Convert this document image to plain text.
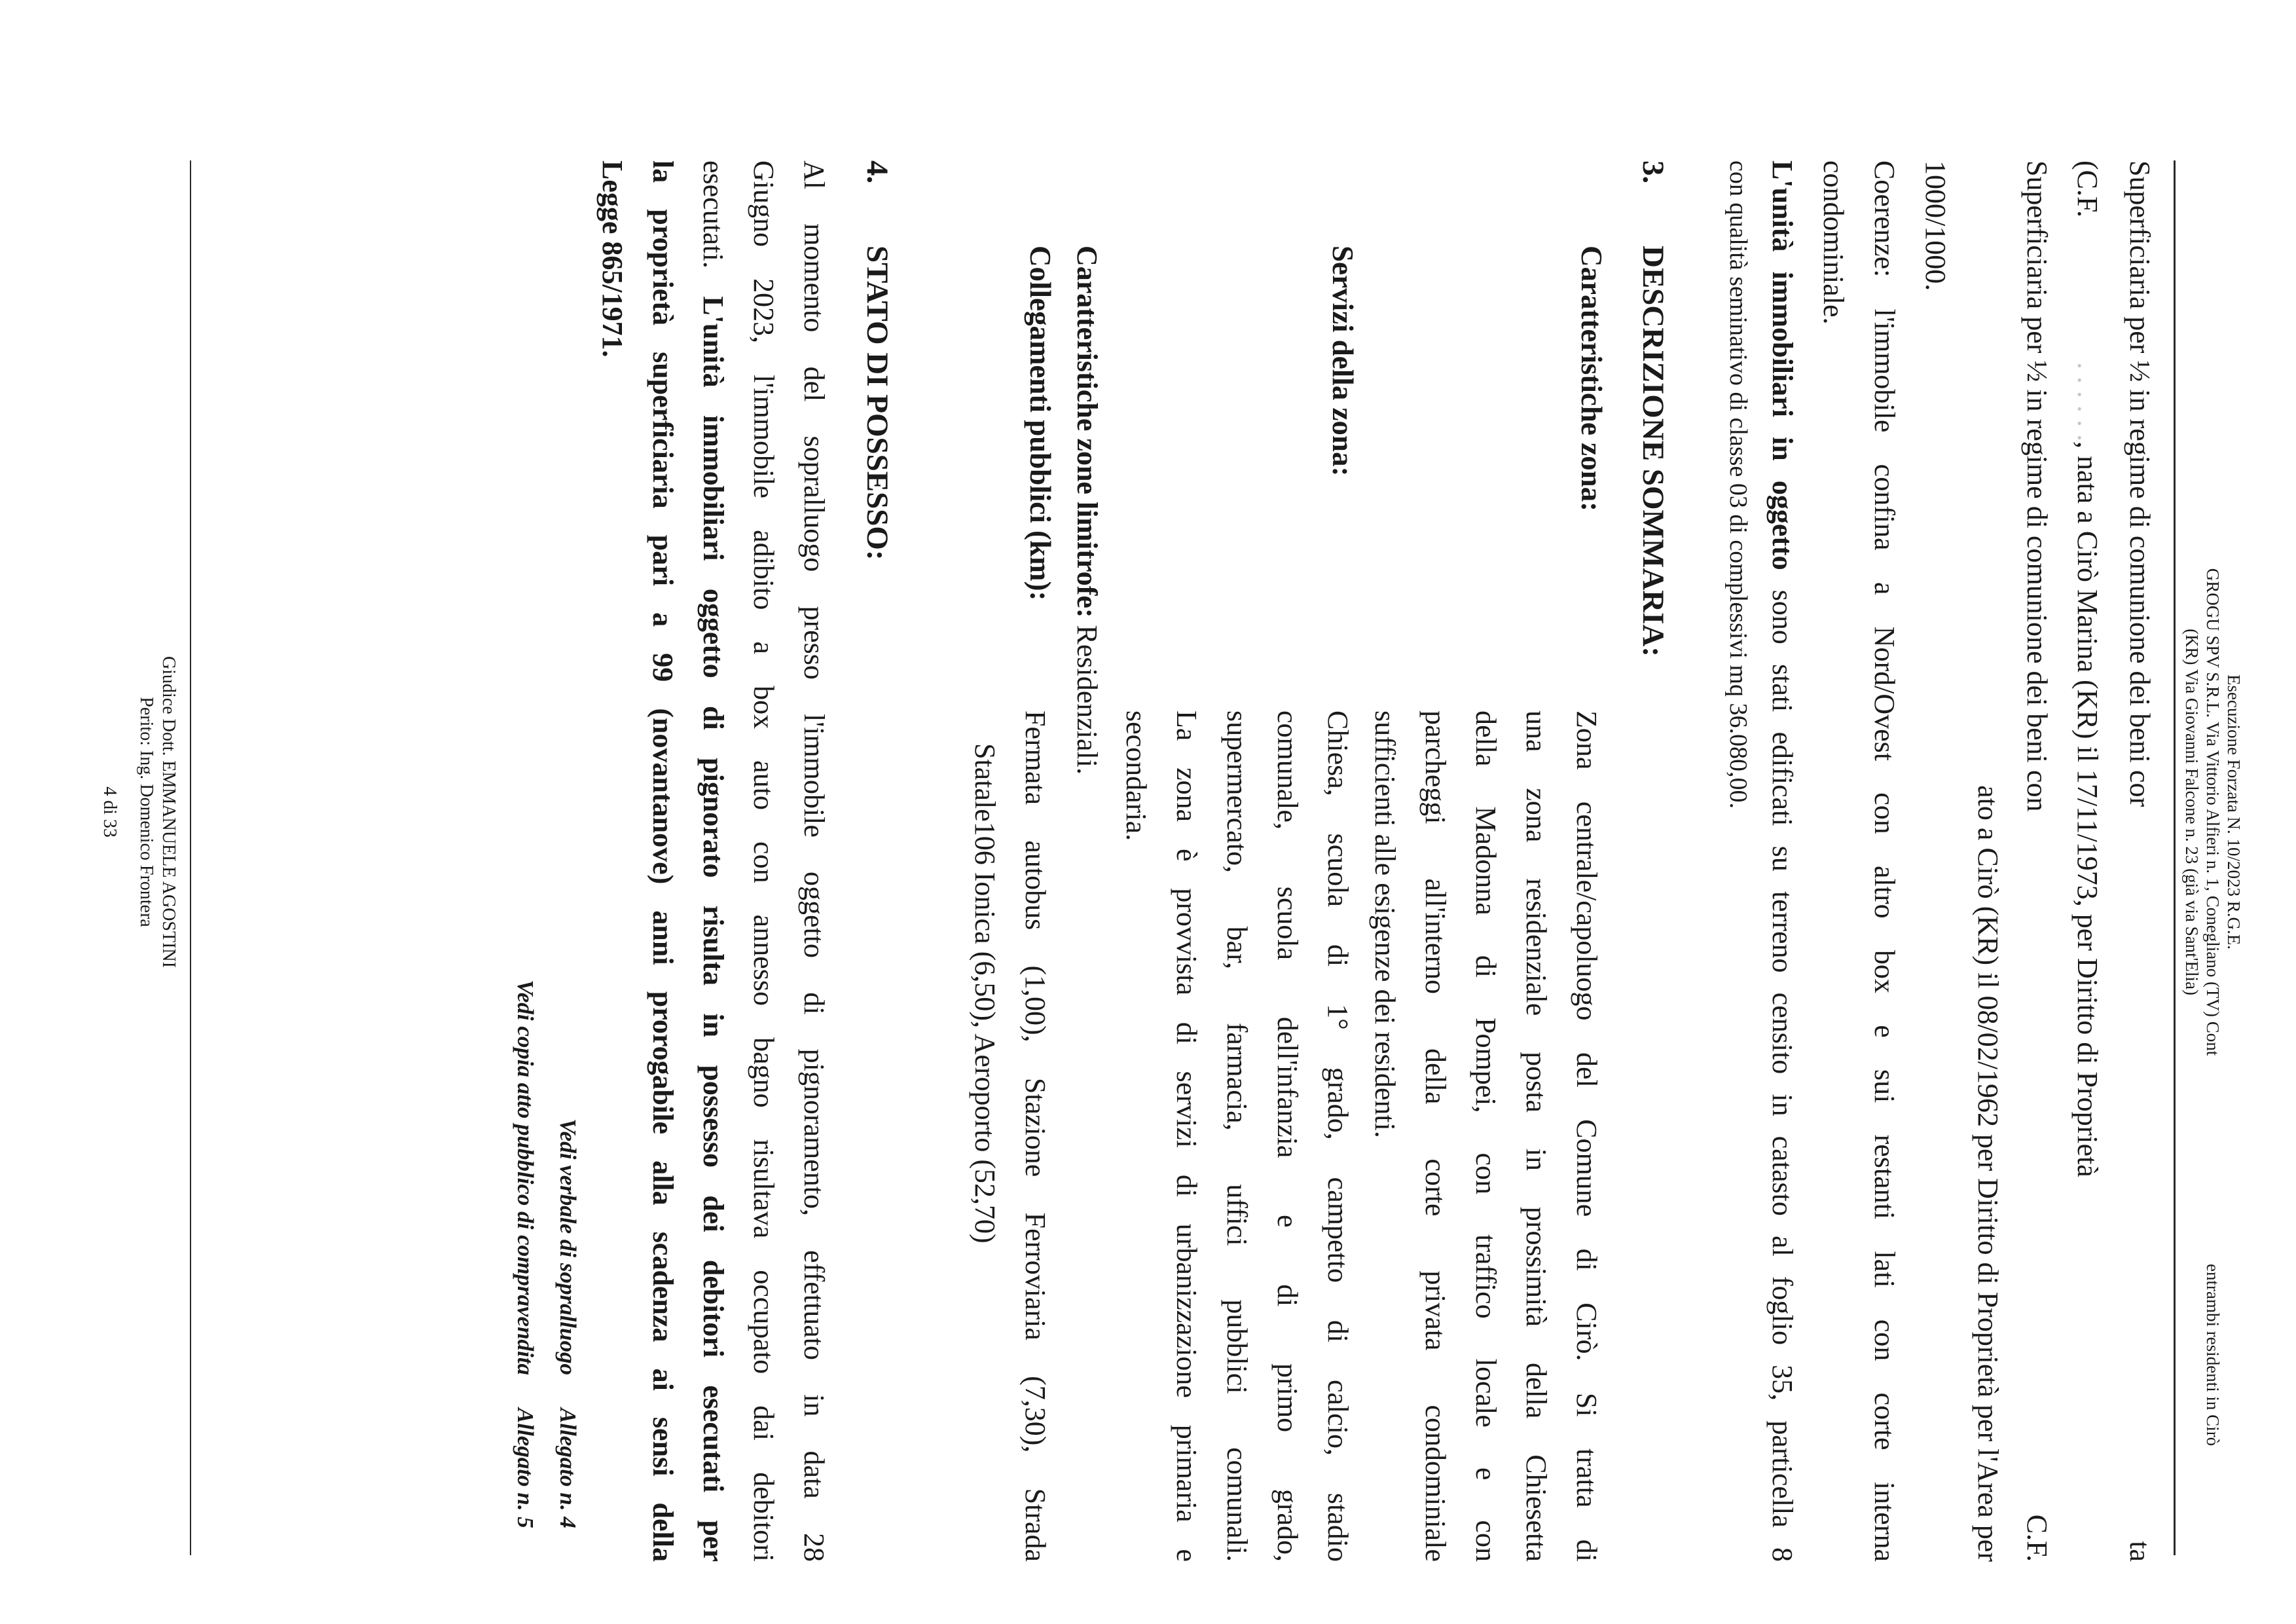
Esecuzione Forzata N. 10/2023 R.G.E.
GROGU SPV S.R.L. Via Vittorio Alfieri n. 1, Conegliano (TV) Cont
(KR) Via Giovanni Falcone n. 23 (già via Sant'Elia)
entrambi residenti in Cirò
Superficiaria per ½ in regime di comunione dei beni cor
ta
(C.F. . . . . . ., nata a Cirò Marina (KR) il 17/11/1973, per Diritto di Proprietà
Superficiaria per ½ in regime di comunione dei beni con
C.F.
ato a Cirò (KR) il 08/02/1962 per Diritto di Proprietà per l'Area per
1000/1000.
Coerenze: l'immobile confina a Nord/Ovest con altro box e sui restanti lati con corte interna
condominiale.
L'unità immobiliari in oggetto sono stati edificati su terreno censito in catasto al foglio 35, particella 8
con qualità seminativo di classe 03 di complessivi mq 36.080,00.
3.
DESCRIZIONE SOMMARIA:
Caratteristiche zona:
Zona centrale/capoluogo del Comune di Cirò. Si tratta di
una zona residenziale posta in prossimità della Chiesetta
della Madonna di Pompei, con traffico locale e con
parcheggi all'interno della corte privata condominiale
sufficienti alle esigenze dei residenti.
Servizi della zona:
Chiesa, scuola di 1° grado, campetto di calcio, stadio
comunale, scuola dell'infanzia e di primo grado,
supermercato, bar, farmacia, uffici pubblici comunali.
La zona è provvista di servizi di urbanizzazione primaria e
secondaria.
Caratteristiche zone limitrofe: Residenziali.
Collegamenti pubblici (km):
Fermata autobus (1,00), Stazione Ferroviaria (7,30), Strada
Statale106 Ionica (6,50), Aeroporto (52,70)
4.
STATO DI POSSESSO:
Al momento del sopralluogo presso l'immobile oggetto di pignoramento, effettuato in data 28
Giugno 2023, l'immobile adibito a box auto con annesso bagno risultava occupato dai debitori
esecutati. L'unità immobiliari oggetto di pignorato risulta in possesso dei debitori esecutati per
la proprietà superficiaria pari a 99 (novantanove) anni prorogabile alla scadenza ai sensi della
Legge 865/1971.
Vedi verbale di sopralluogo
Allegato n. 4
Vedi copia atto pubblico di compravendita
Allegato n. 5
Giudice Dott. EMMANUELE AGOSTINI
Perito: Ing. Domenico Frontera
4 di 33
